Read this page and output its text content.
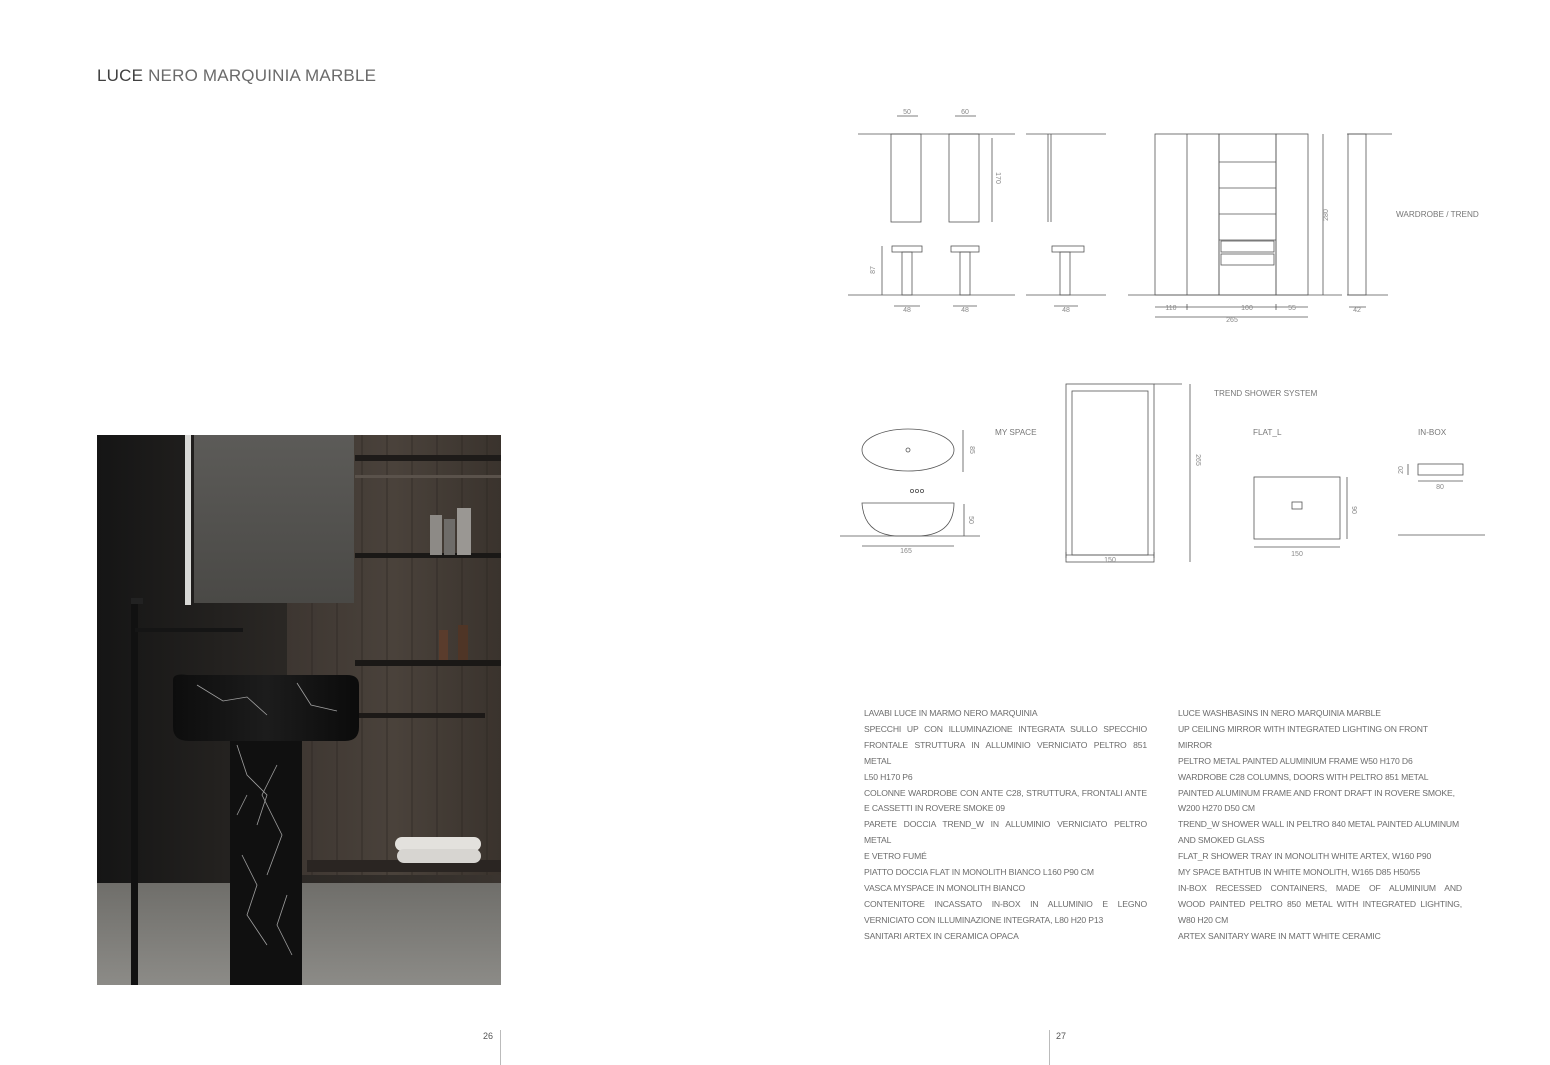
LUCE NERO MARQUINIA MARBLE
50	60
170
87
48	48	48
280
110	100	55
265
42
85
50
165
265
150
90
150
20
80
WARDROBE / TREND
MY SPACE
TREND SHOWER SYSTEM
FLAT_L	IN-BOX

LAVABI LUCE IN MARMO NERO MARQUINIA

SPECCHI UP CON ILLUMINAZIONE INTEGRATA SULLO SPECCHIO

FRONTALE STRUTTURA IN ALLUMINIO VERNICIATO PELTRO 851 METAL

L50 H170 P6

COLONNE WARDROBE CON ANTE C28, STRUTTURA, FRONTALI ANTE

E CASSETTI IN ROVERE SMOKE 09

PARETE DOCCIA TREND_W IN ALLUMINIO VERNICIATO PELTRO METAL

E VETRO FUMÉ

PIATTO DOCCIA FLAT IN MONOLITH BIANCO L160 P90 CM

VASCA MYSPACE IN MONOLITH BIANCO

CONTENITORE INCASSATO IN-BOX IN ALLUMINIO E LEGNO

VERNICIATO CON ILLUMINAZIONE INTEGRATA, L80 H20 P13

SANITARI ARTEX IN CERAMICA OPACA

LUCE WASHBASINS IN NERO MARQUINIA MARBLE

UP CEILING MIRROR WITH INTEGRATED LIGHTING ON FRONT MIRROR

PELTRO METAL PAINTED ALUMINIUM FRAME W50 H170 D6

WARDROBE C28 COLUMNS, DOORS WITH PELTRO 851 METAL

PAINTED ALUMINUM FRAME AND FRONT DRAFT IN ROVERE SMOKE,

W200 H270 D50 CM

TREND_W SHOWER WALL IN PELTRO 840 METAL PAINTED ALUMINUM

AND SMOKED GLASS

FLAT_R SHOWER TRAY IN MONOLITH WHITE ARTEX, W160 P90

MY SPACE BATHTUB IN WHITE MONOLITH, W165 D85 H50/55

IN-BOX RECESSED CONTAINERS, MADE OF ALUMINIUM AND

WOOD PAINTED PELTRO 850 METAL WITH INTEGRATED LIGHTING,

W80 H20 CM

ARTEX SANITARY WARE IN MATT WHITE CERAMIC

26	27
